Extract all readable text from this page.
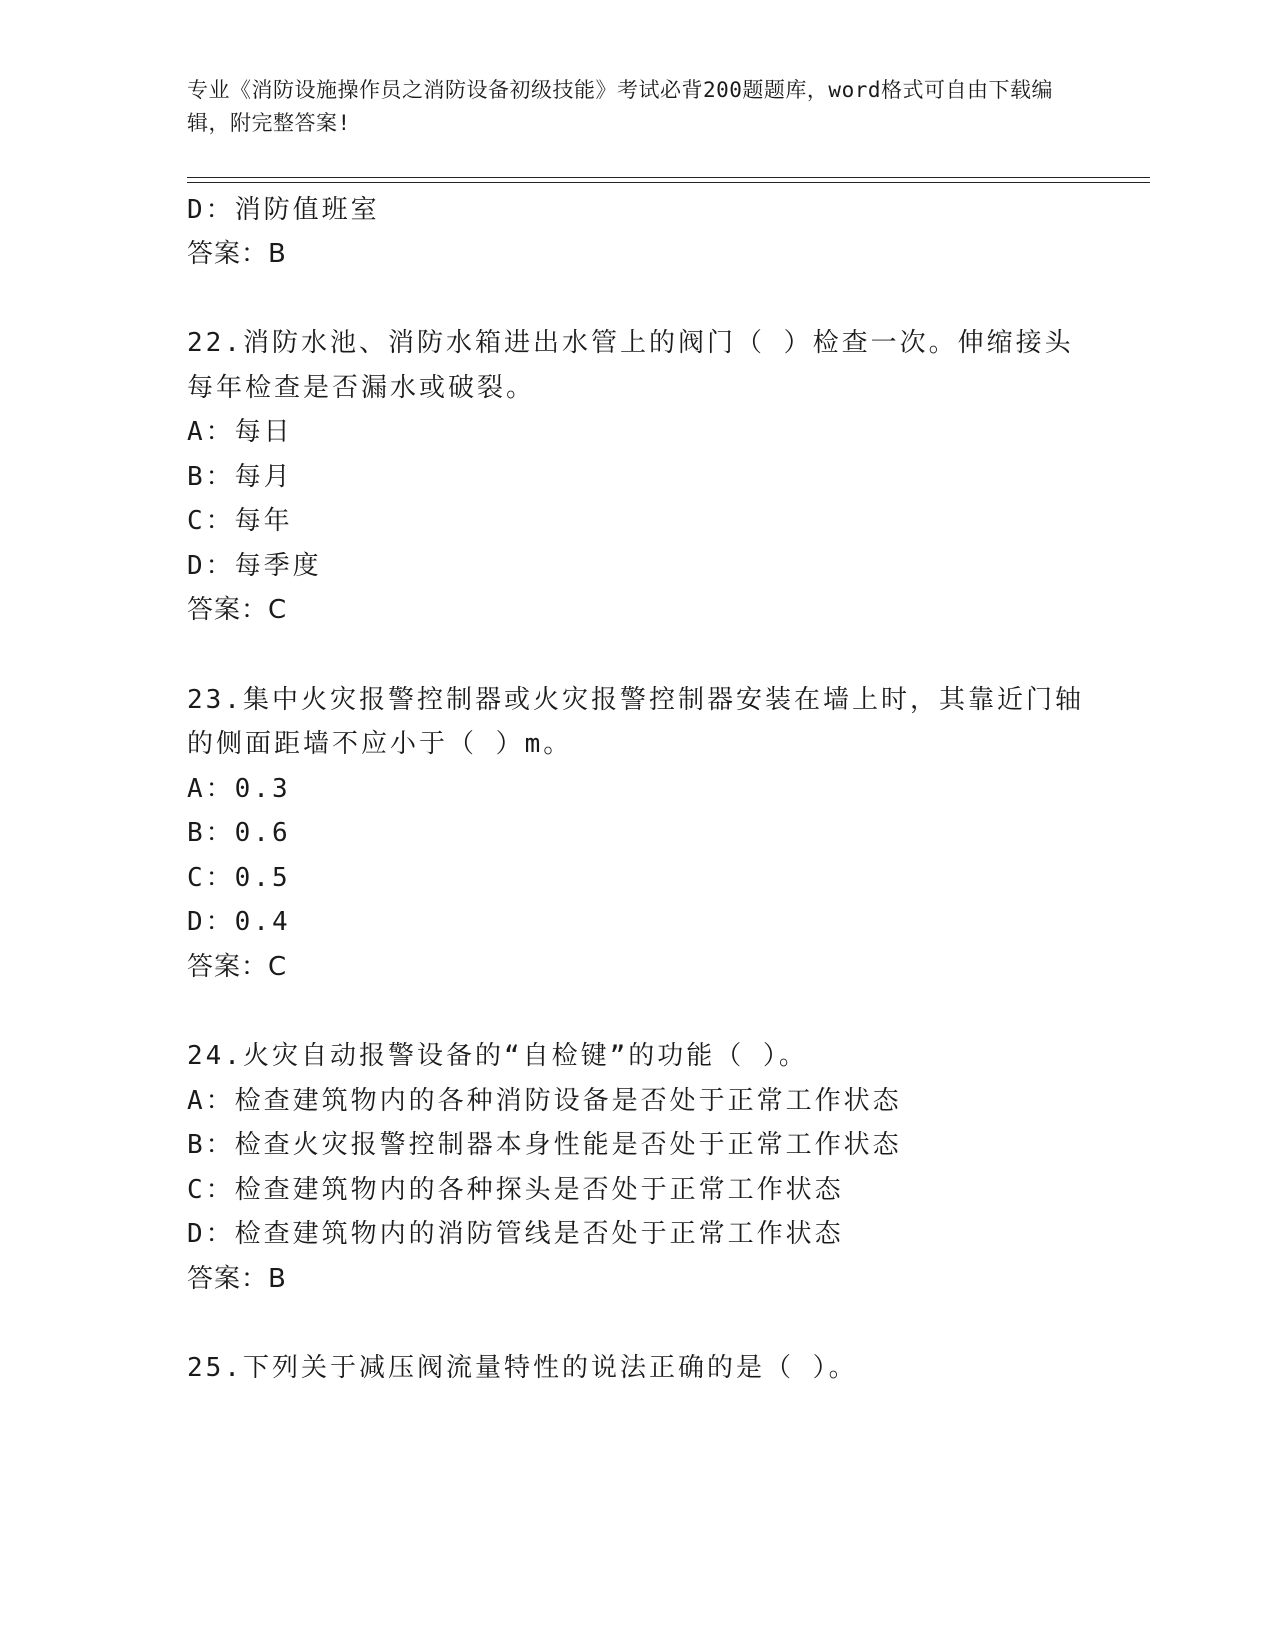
专业《消防设施操作员之消防设备初级技能》考试必背200题题库，word格式可自由下载编辑，附完整答案!
D：消防值班室
答案：B
22.消防水池、消防水箱进出水管上的阀门（ ）检查一次。伸缩接头
每年检查是否漏水或破裂。
A：每日
B：每月
C：每年
D：每季度
答案：C
23.集中火灾报警控制器或火灾报警控制器安装在墙上时，其靠近门轴
的侧面距墙不应小于（ ）m。
A：0.3
B：0.6
C：0.5
D：0.4
答案：C
24.火灾自动报警设备的“自检键”的功能（ ）。
A：检查建筑物内的各种消防设备是否处于正常工作状态
B：检查火灾报警控制器本身性能是否处于正常工作状态
C：检查建筑物内的各种探头是否处于正常工作状态
D：检查建筑物内的消防管线是否处于正常工作状态
答案：B
25.下列关于减压阀流量特性的说法正确的是（ ）。
